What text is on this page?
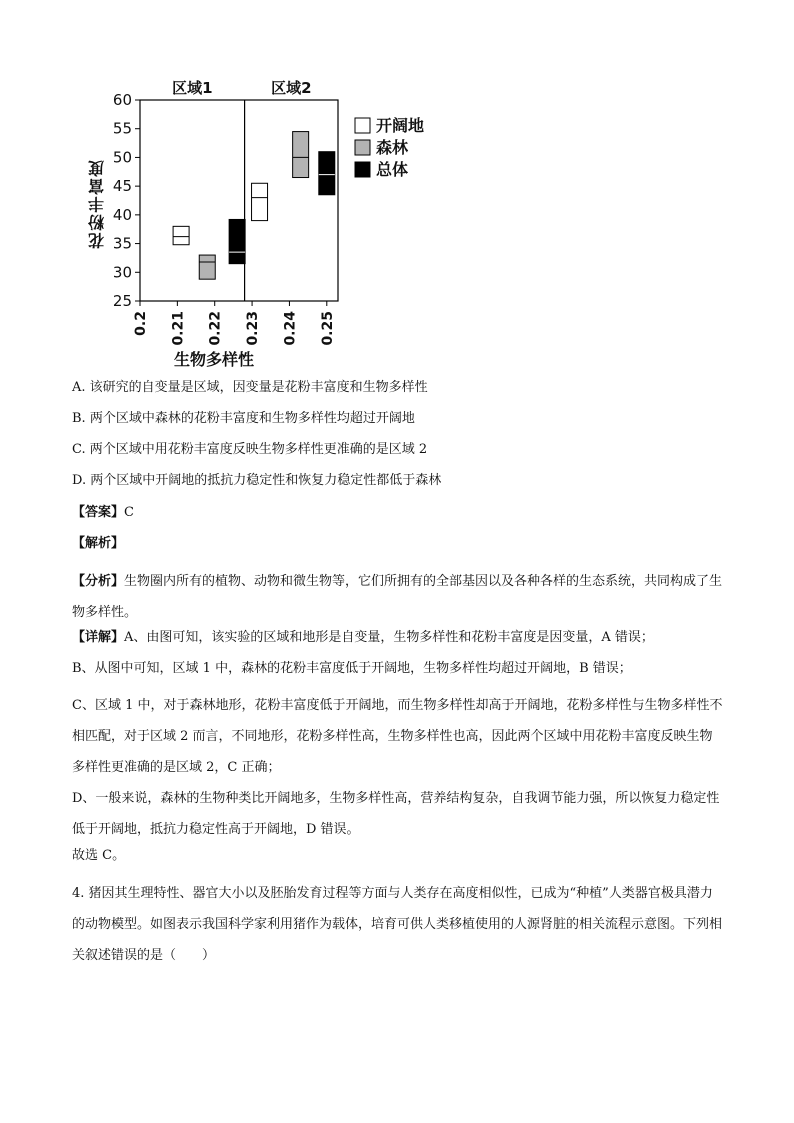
区域1	区域2
25
30
35
40
45
50
55
60
0.2 0.21 0.22 0.23 0.24 0.25
生物多样性
花粉丰富度
开阔地
森林
总体
A. 该研究的自变量是区域，因变量是花粉丰富度和生物多样性
B. 两个区域中森林的花粉丰富度和生物多样性均超过开阔地
C. 两个区域中用花粉丰富度反映生物多样性更准确的是区域 2
D. 两个区域中开阔地的抵抗力稳定性和恢复力稳定性都低于森林
【答案】C
【解析】
【分析】生物圈内所有的植物、动物和微生物等，它们所拥有的全部基因以及各种各样的生态系统，共同构成了生物多样性。
【详解】A、由图可知，该实验的区域和地形是自变量，生物多样性和花粉丰富度是因变量，A 错误；
B、从图中可知，区域 1 中，森林的花粉丰富度低于开阔地，生物多样性均超过开阔地，B 错误；
C、区域 1 中，对于森林地形，花粉丰富度低于开阔地，而生物多样性却高于开阔地，花粉多样性与生物多样性不相匹配，对于区域 2 而言，不同地形，花粉多样性高，生物多样性也高，因此两个区域中用花粉丰富度反映生物多样性更准确的是区域 2，C 正确；
D、一般来说，森林的生物种类比开阔地多，生物多样性高，营养结构复杂，自我调节能力强，所以恢复力稳定性低于开阔地，抵抗力稳定性高于开阔地，D 错误。
故选 C。
4. 猪因其生理特性、器官大小以及胚胎发育过程等方面与人类存在高度相似性，已成为“种植”人类器官极具潜力的动物模型。如图表示我国科学家利用猪作为载体，培育可供人类移植使用的人源肾脏的相关流程示意图。下列相关叙述错误的是（　　）
